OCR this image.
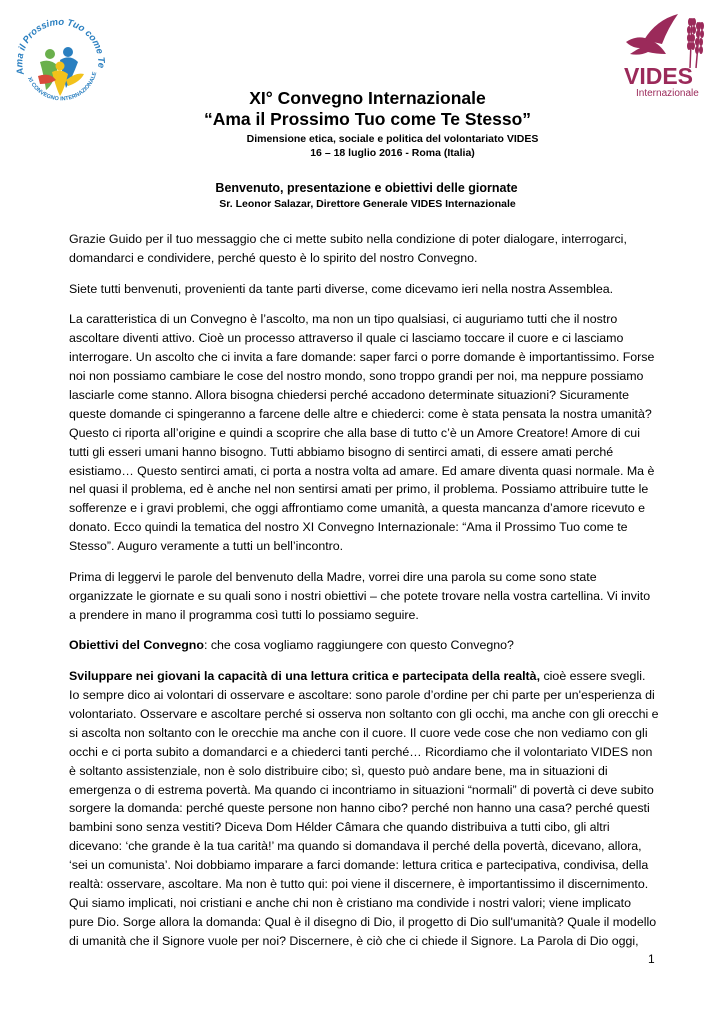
Ama il Prossimo Tuo come Te
XI CONVEGNO INTERNAZIONALE	VIDES
Internazionale
XI° Convegno Internazionale
“Ama il Prossimo Tuo come Te Stesso”
Dimensione etica, sociale e politica del volontariato VIDES
16 – 18 luglio 2016 - Roma (Italia)
Benvenuto, presentazione e obiettivi delle giornate
Sr. Leonor Salazar, Direttore Generale VIDES Internazionale

Grazie Guido per il tuo messaggio che ci mette subito nella condizione di poter dialogare, interrogarci, domandarci e condividere, perché questo è lo spirito del nostro Convegno.

Siete tutti benvenuti, provenienti da tante parti diverse, come dicevamo ieri nella nostra Assemblea.

La caratteristica di un Convegno è l’ascolto, ma non un tipo qualsiasi, ci auguriamo tutti che il nostro ascoltare diventi attivo. Cioè un processo attraverso il quale ci lasciamo toccare il cuore e ci lasciamo interrogare. Un ascolto che ci invita a fare domande: saper farci o porre domande è importantissimo. Forse noi non possiamo cambiare le cose del nostro mondo, sono troppo grandi per noi, ma neppure possiamo lasciarle come stanno. Allora bisogna chiedersi perché accadono determinate situazioni? Sicuramente queste domande ci spingeranno a farcene delle altre e chiederci: come è stata pensata la nostra umanità? Questo ci riporta all’origine e quindi a scoprire che alla base di tutto c’è un Amore Creatore! Amore di cui tutti gli esseri umani hanno bisogno. Tutti abbiamo bisogno di sentirci amati, di essere amati perché esistiamo… Questo sentirci amati, ci porta a nostra volta ad amare. Ed amare diventa quasi normale. Ma è nel quasi il problema, ed è anche nel non sentirsi amati per primo, il problema. Possiamo attribuire tutte le sofferenze e i gravi problemi, che oggi affrontiamo come umanità, a questa mancanza d’amore ricevuto e donato. Ecco quindi la tematica del nostro XI Convegno Internazionale: “Ama il Prossimo Tuo come te Stesso”. Auguro veramente a tutti un bell’incontro.

Prima di leggervi le parole del benvenuto della Madre, vorrei dire una parola su come sono state organizzate le giornate e su quali sono i nostri obiettivi – che potete trovare nella vostra cartellina. Vi invito a prendere in mano il programma così tutti lo possiamo seguire.

Obiettivi del Convegno: che cosa vogliamo raggiungere con questo Convegno?

Sviluppare nei giovani la capacità di una lettura critica e partecipata della realtà, cioè essere svegli. Io sempre dico ai volontari di osservare e ascoltare: sono parole d’ordine per chi parte per un'esperienza di volontariato. Osservare e ascoltare perché si osserva non soltanto con gli occhi, ma anche con gli orecchi e si ascolta non soltanto con le orecchie ma anche con il cuore. Il cuore vede cose che non vediamo con gli occhi e ci porta subito a domandarci e a chiederci tanti perché… Ricordiamo che il volontariato VIDES non è soltanto assistenziale, non è solo distribuire cibo; sì, questo può andare bene, ma in situazioni di emergenza o di estrema povertà. Ma quando ci incontriamo in situazioni “normali” di povertà ci deve subito sorgere la domanda: perché queste persone non hanno cibo? perché non hanno una casa? perché questi bambini sono senza vestiti? Diceva Dom Hélder Câmara che quando distribuiva a tutti cibo, gli altri dicevano: ‘che grande è la tua carità!’ ma quando si domandava il perché della povertà, dicevano, allora, ‘sei un comunista’. Noi dobbiamo imparare a farci domande: lettura critica e partecipativa, condivisa, della realtà: osservare, ascoltare. Ma non è tutto qui: poi viene il discernere, è importantissimo il discernimento. Qui siamo implicati, noi cristiani e anche chi non è cristiano ma condivide i nostri valori; viene implicato pure Dio. Sorge allora la domanda: Qual è il disegno di Dio, il progetto di Dio sull'umanità? Quale il modello di umanità che il Signore vuole per noi? Discernere, è ciò che ci chiede il Signore. La Parola di Dio oggi,

1
